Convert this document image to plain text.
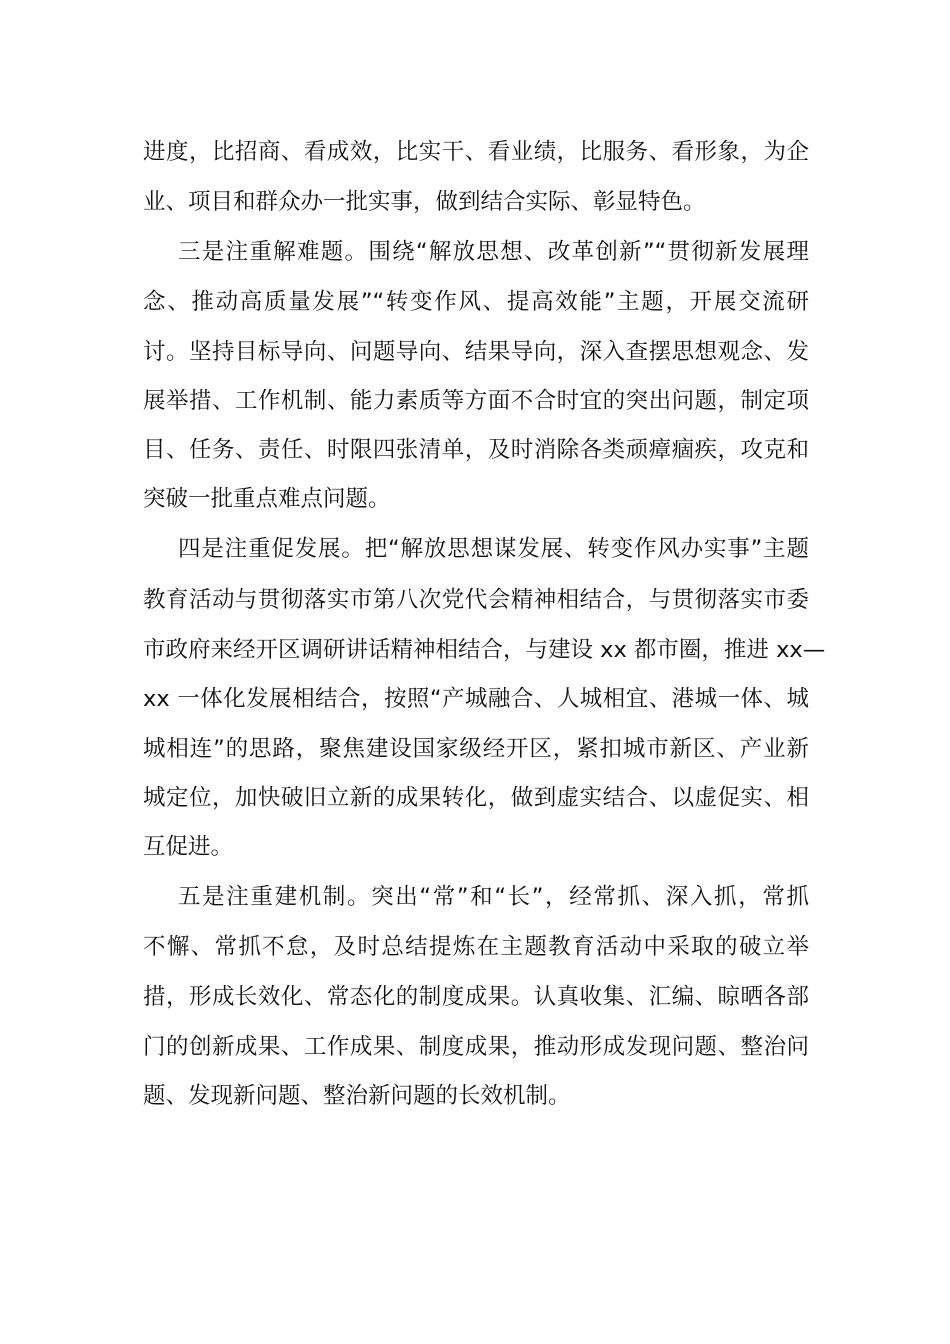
进度，比招商、看成效，比实干、看业绩，比服务、看形象，为企
业、项目和群众办一批实事，做到结合实际、彰显特色。
三是注重解难题。围绕“解放思想、改革创新”“贯彻新发展理
念、推动高质量发展”“转变作风、提高效能”主题，开展交流研
讨。坚持目标导向、问题导向、结果导向，深入查摆思想观念、发
展举措、工作机制、能力素质等方面不合时宜的突出问题，制定项
目、任务、责任、时限四张清单，及时消除各类顽瘴痼疾，攻克和
突破一批重点难点问题。
四是注重促发展。把“解放思想谋发展、转变作风办实事”主题
教育活动与贯彻落实市第八次党代会精神相结合，与贯彻落实市委
市政府来经开区调研讲话精神相结合，与建设 xx 都市圈，推进 xx—
xx 一体化发展相结合，按照“产城融合、人城相宜、港城一体、城
城相连”的思路，聚焦建设国家级经开区，紧扣城市新区、产业新
城定位，加快破旧立新的成果转化，做到虚实结合、以虚促实、相
互促进。
五是注重建机制。突出“常”和“长”，经常抓、深入抓，常抓
不懈、常抓不怠，及时总结提炼在主题教育活动中采取的破立举
措，形成长效化、常态化的制度成果。认真收集、汇编、晾晒各部
门的创新成果、工作成果、制度成果，推动形成发现问题、整治问
题、发现新问题、整治新问题的长效机制。
